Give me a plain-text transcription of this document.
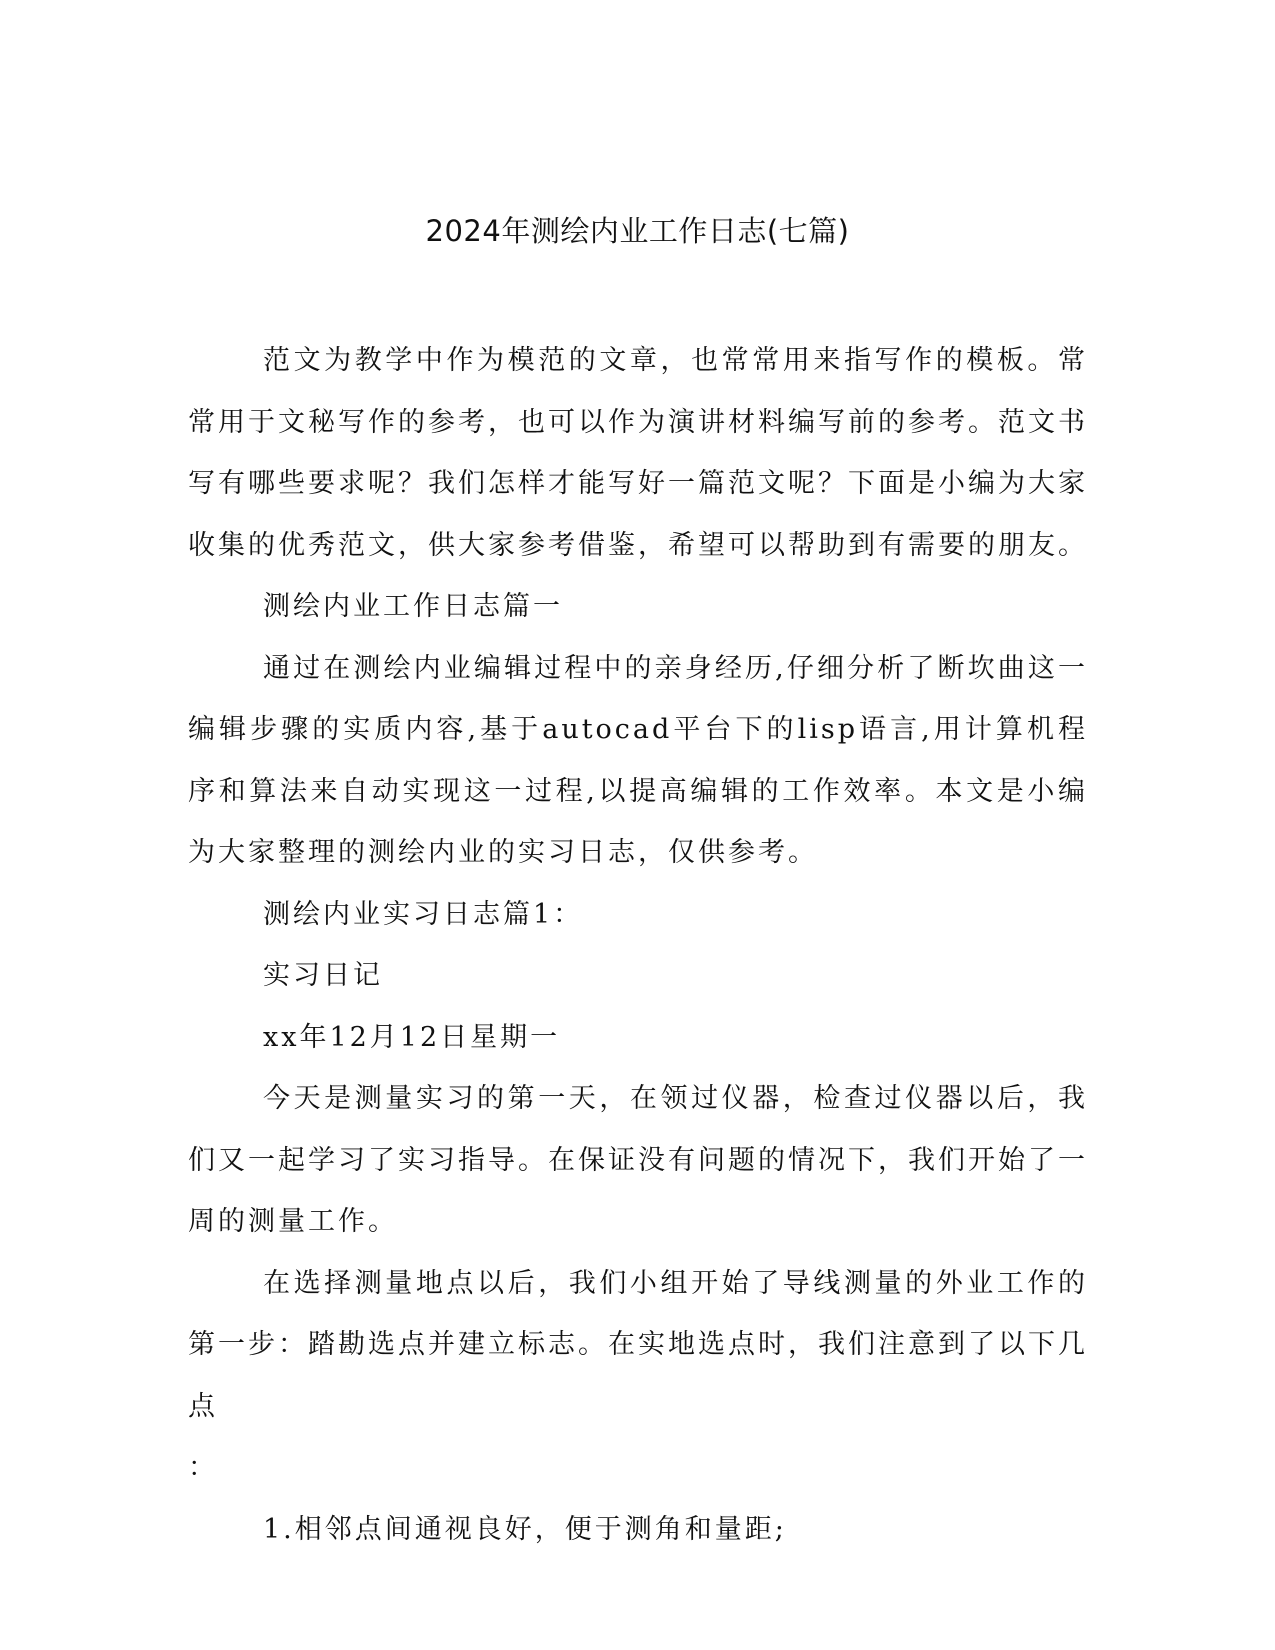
2024年测绘内业工作日志(七篇)

范文为教学中作为模范的文章，也常常用来指写作的模板。常常用于文秘写作的参考，也可以作为演讲材料编写前的参考。范文书写有哪些要求呢？我们怎样才能写好一篇范文呢？下面是小编为大家收集的优秀范文，供大家参考借鉴，希望可以帮助到有需要的朋友。

测绘内业工作日志篇一

通过在测绘内业编辑过程中的亲身经历,仔细分析了断坎曲这一编辑步骤的实质内容,基于autocad平台下的lisp语言,用计算机程序和算法来自动实现这一过程,以提高编辑的工作效率。本文是小编为大家整理的测绘内业的实习日志，仅供参考。

测绘内业实习日志篇1：

实习日记

xx年12月12日星期一

今天是测量实习的第一天，在领过仪器，检查过仪器以后，我们又一起学习了实习指导。在保证没有问题的情况下，我们开始了一周的测量工作。

在选择测量地点以后，我们小组开始了导线测量的外业工作的第一步：踏勘选点并建立标志。在实地选点时，我们注意到了以下几点

：

1.相邻点间通视良好，便于测角和量距;
